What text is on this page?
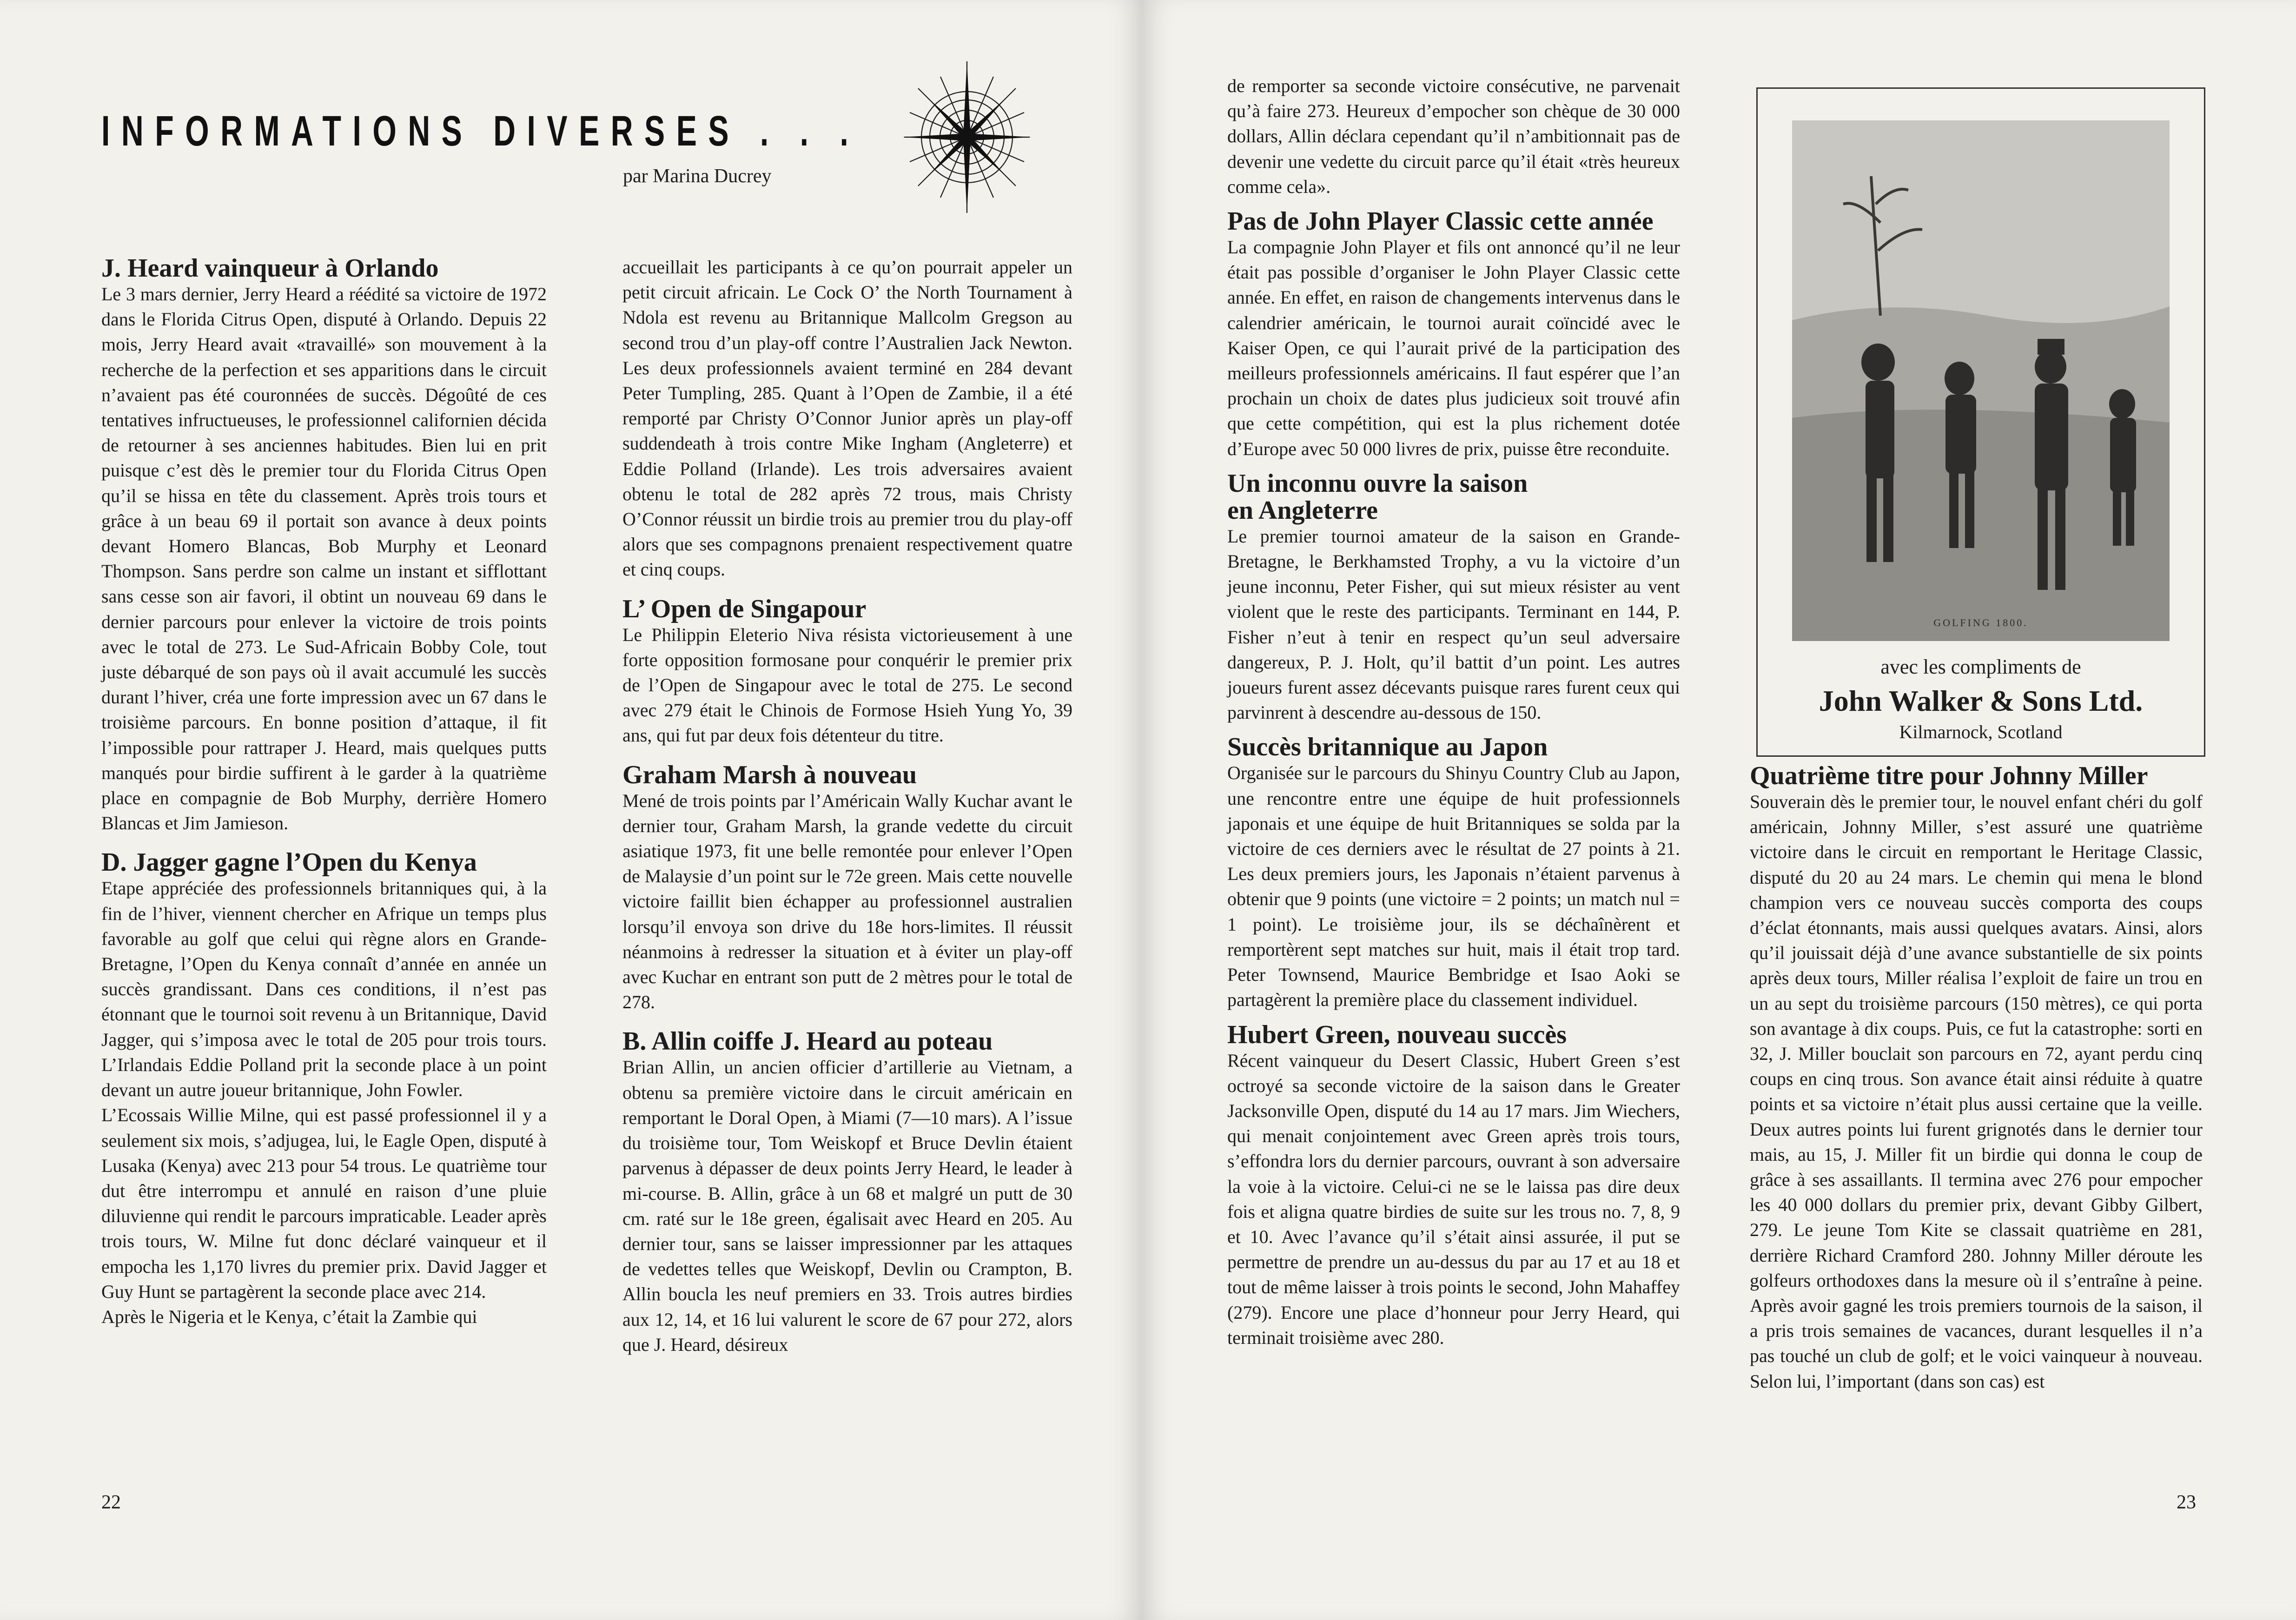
INFORMATIONS DIVERSES . . .
par Marina Ducrey
J. Heard vainqueur à Orlando

Le 3 mars dernier, Jerry Heard a réédité sa victoire de 1972 dans le Florida Citrus Open, disputé à Orlando. Depuis 22 mois, Jerry Heard avait «travaillé» son mouvement à la recherche de la perfection et ses apparitions dans le circuit n’avaient pas été couronnées de succès. Dégoûté de ces tentatives infructueuses, le professionnel californien décida de retourner à ses anciennes habitudes. Bien lui en prit puisque c’est dès le premier tour du Florida Citrus Open qu’il se hissa en tête du classement. Après trois tours et grâce à un beau 69 il portait son avance à deux points devant Homero Blancas, Bob Murphy et Leonard Thompson. Sans perdre son calme un instant et sifflottant sans cesse son air favori, il obtint un nouveau 69 dans le dernier parcours pour enlever la victoire de trois points avec le total de 273. Le Sud-Africain Bobby Cole, tout juste débarqué de son pays où il avait accumulé les succès durant l’hiver, créa une forte impression avec un 67 dans le troisième parcours. En bonne position d’attaque, il fit l’impossible pour rattraper J. Heard, mais quelques putts manqués pour birdie suffirent à le garder à la quatrième place en compagnie de Bob Murphy, derrière Homero Blancas et Jim Jamieson.

D. Jagger gagne l’Open du Kenya

Etape appréciée des professionnels britanniques qui, à la fin de l’hiver, viennent chercher en Afrique un temps plus favorable au golf que celui qui règne alors en Grande-Bretagne, l’Open du Kenya connaît d’année en année un succès grandissant. Dans ces conditions, il n’est pas étonnant que le tournoi soit revenu à un Britannique, David Jagger, qui s’imposa avec le total de 205 pour trois tours. L’Irlandais Eddie Polland prit la seconde place à un point devant un autre joueur britannique, John Fowler.

L’Ecossais Willie Milne, qui est passé professionnel il y a seulement six mois, s’adjugea, lui, le Eagle Open, disputé à Lusaka (Kenya) avec 213 pour 54 trous. Le quatrième tour dut être interrompu et annulé en raison d’une pluie diluvienne qui rendit le parcours impraticable. Leader après trois tours, W. Milne fut donc déclaré vainqueur et il empocha les 1,170 livres du premier prix. David Jagger et Guy Hunt se partagèrent la seconde place avec 214.

Après le Nigeria et le Kenya, c’était la Zambie qui

accueillait les participants à ce qu’on pourrait appeler un petit circuit africain. Le Cock O’ the North Tournament à Ndola est revenu au Britannique Mallcolm Gregson au second trou d’un play-off contre l’Australien Jack Newton. Les deux professionnels avaient terminé en 284 devant Peter Tumpling, 285. Quant à l’Open de Zambie, il a été remporté par Christy O’Connor Junior après un play-off suddendeath à trois contre Mike Ingham (Angleterre) et Eddie Polland (Irlande). Les trois adversaires avaient obtenu le total de 282 après 72 trous, mais Christy O’Connor réussit un birdie trois au premier trou du play-off alors que ses compagnons prenaient respectivement quatre et cinq coups.

L’ Open de Singapour

Le Philippin Eleterio Niva résista victorieusement à une forte opposition formosane pour conquérir le premier prix de l’Open de Singapour avec le total de 275. Le second avec 279 était le Chinois de Formose Hsieh Yung Yo, 39 ans, qui fut par deux fois détenteur du titre.

Graham Marsh à nouveau

Mené de trois points par l’Américain Wally Kuchar avant le dernier tour, Graham Marsh, la grande vedette du circuit asiatique 1973, fit une belle remontée pour enlever l’Open de Malaysie d’un point sur le 72e green. Mais cette nouvelle victoire faillit bien échapper au professionnel australien lorsqu’il envoya son drive du 18e hors-limites. Il réussit néanmoins à redresser la situation et à éviter un play-off avec Kuchar en entrant son putt de 2 mètres pour le total de 278.

B. Allin coiffe J. Heard au poteau

Brian Allin, un ancien officier d’artillerie au Vietnam, a obtenu sa première victoire dans le circuit américain en remportant le Doral Open, à Miami (7—10 mars). A l’issue du troisième tour, Tom Weiskopf et Bruce Devlin étaient parvenus à dépasser de deux points Jerry Heard, le leader à mi-course. B. Allin, grâce à un 68 et malgré un putt de 30 cm. raté sur le 18e green, égalisait avec Heard en 205. Au dernier tour, sans se laisser impressionner par les attaques de vedettes telles que Weiskopf, Devlin ou Crampton, B. Allin boucla les neuf premiers en 33. Trois autres birdies aux 12, 14, et 16 lui valurent le score de 67 pour 272, alors que J. Heard, désireux

22

de remporter sa seconde victoire consécutive, ne parvenait qu’à faire 273. Heureux d’empocher son chèque de 30 000 dollars, Allin déclara cependant qu’il n’ambitionnait pas de devenir une vedette du circuit parce qu’il était «très heureux comme cela».

Pas de John Player Classic cette année

La compagnie John Player et fils ont annoncé qu’il ne leur était pas possible d’organiser le John Player Classic cette année. En effet, en raison de changements intervenus dans le calendrier américain, le tournoi aurait coïncidé avec le Kaiser Open, ce qui l’aurait privé de la participation des meilleurs professionnels américains. Il faut espérer que l’an prochain un choix de dates plus judicieux soit trouvé afin que cette compétition, qui est la plus richement dotée d’Europe avec 50 000 livres de prix, puisse être reconduite.

Un inconnu ouvre la saison
en Angleterre

Le premier tournoi amateur de la saison en Grande-Bretagne, le Berkhamsted Trophy, a vu la victoire d’un jeune inconnu, Peter Fisher, qui sut mieux résister au vent violent que le reste des participants. Terminant en 144, P. Fisher n’eut à tenir en respect qu’un seul adversaire dangereux, P. J. Holt, qu’il battit d’un point. Les autres joueurs furent assez décevants puisque rares furent ceux qui parvinrent à descendre au-dessous de 150.

Succès britannique au Japon

Organisée sur le parcours du Shinyu Country Club au Japon, une rencontre entre une équipe de huit professionnels japonais et une équipe de huit Britanniques se solda par la victoire de ces derniers avec le résultat de 27 points à 21. Les deux premiers jours, les Japonais n’étaient parvenus à obtenir que 9 points (une victoire = 2 points; un match nul = 1 point). Le troisième jour, ils se déchaînèrent et remportèrent sept matches sur huit, mais il était trop tard. Peter Townsend, Maurice Bembridge et Isao Aoki se partagèrent la première place du classement individuel.

Hubert Green, nouveau succès

Récent vainqueur du Desert Classic, Hubert Green s’est octroyé sa seconde victoire de la saison dans le Greater Jacksonville Open, disputé du 14 au 17 mars. Jim Wiechers, qui menait conjointement avec Green après trois tours, s’effondra lors du dernier parcours, ouvrant à son adversaire la voie à la victoire. Celui-ci ne se le laissa pas dire deux fois et aligna quatre birdies de suite sur les trous no. 7, 8, 9 et 10. Avec l’avance qu’il s’était ainsi assurée, il put se permettre de prendre un au-dessus du par au 17 et au 18 et tout de même laisser à trois points le second, John Mahaffey (279). Encore une place d’honneur pour Jerry Heard, qui terminait troisième avec 280.

GOLFING 1800.
avec les compliments de
John Walker & Sons Ltd.
Kilmarnock, Scotland
Quatrième titre pour Johnny Miller

Souverain dès le premier tour, le nouvel enfant chéri du golf américain, Johnny Miller, s’est assuré une quatrième victoire dans le circuit en remportant le Heritage Classic, disputé du 20 au 24 mars. Le chemin qui mena le blond champion vers ce nouveau succès comporta des coups d’éclat étonnants, mais aussi quelques avatars. Ainsi, alors qu’il jouissait déjà d’une avance substantielle de six points après deux tours, Miller réalisa l’exploit de faire un trou en un au sept du troisième parcours (150 mètres), ce qui porta son avantage à dix coups. Puis, ce fut la catastrophe: sorti en 32, J. Miller bouclait son parcours en 72, ayant perdu cinq coups en cinq trous. Son avance était ainsi réduite à quatre points et sa victoire n’était plus aussi certaine que la veille. Deux autres points lui furent grignotés dans le dernier tour mais, au 15, J. Miller fit un birdie qui donna le coup de grâce à ses assaillants. Il termina avec 276 pour empocher les 40 000 dollars du premier prix, devant Gibby Gilbert, 279. Le jeune Tom Kite se classait quatrième en 281, derrière Richard Cramford 280. Johnny Miller déroute les golfeurs orthodoxes dans la mesure où il s’entraîne à peine. Après avoir gagné les trois premiers tournois de la saison, il a pris trois semaines de vacances, durant lesquelles il n’a pas touché un club de golf; et le voici vainqueur à nouveau. Selon lui, l’important (dans son cas) est

23
